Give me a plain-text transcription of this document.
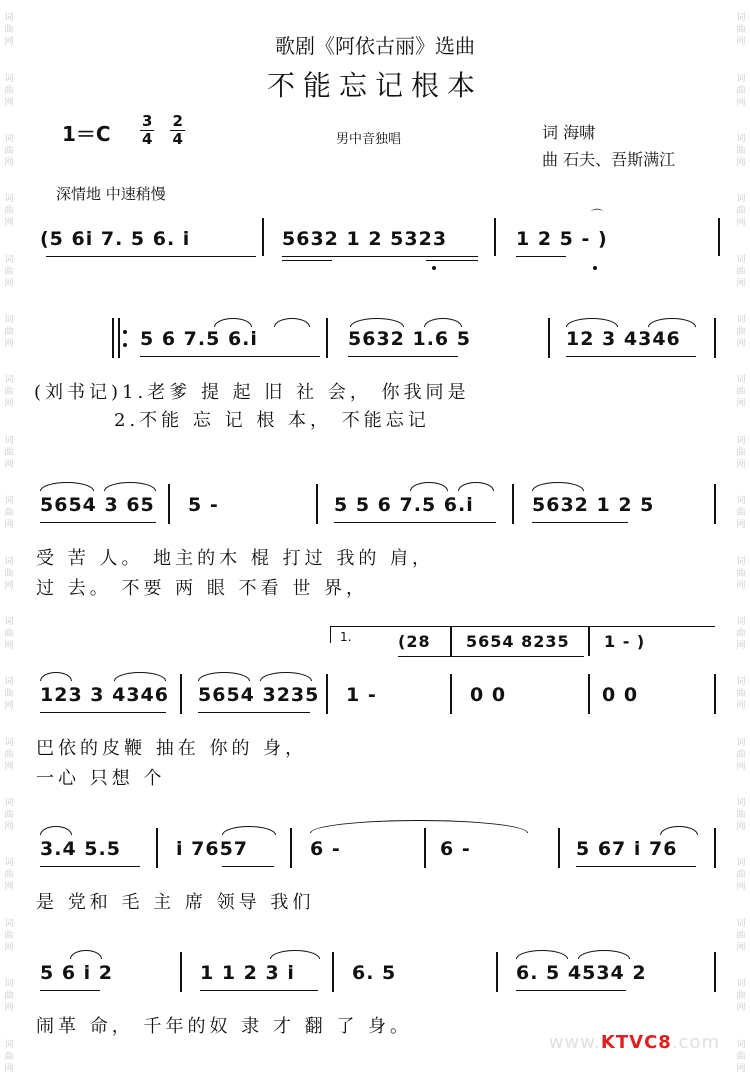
词
曲
网
词
曲
网
词
曲
网
词
曲
网
词
曲
网
词
曲
网
词
曲
网
词
曲
网
词
曲
网
词
曲
网
词
曲
网
词
曲
网
词
曲
网
词
曲
网
词
曲
网
词
曲
网
词
曲
网
词
曲
网
词
曲
网
词
曲
网
词
曲
网
词
曲
网
词
曲
网
词
曲
网
词
曲
网
词
曲
网
词
曲
网
词
曲
网
词
曲
网
词
曲
网
词
曲
网
词
曲
网
词
曲
网
词
曲
网
词
曲
网
词
曲
网
歌剧《阿依古丽》选曲
不能忘记根本
1＝C
3
4
2
4	男中音独唱	词 海啸
曲 石夫、吾斯满江
深情地 中速稍慢
(5 6i 7. 5 6. i	5632 1 2 5323	1 2 5 - )
⌒
5 6 7.5 6.i	5632 1.6 5	12 3 4346
(刘书记)1.老爹 提 起 旧 社 会， 你我同是
2.不能 忘 记 根 本， 不能忘记
5654 3 65 5 -	5 5 6 7.5 6.i	5632 1 2 5
受 苦 人。 地主的木 棍 打过 我的 肩，
过 去。 不要 两 眼 不看 世 界，
1.	(28 5654 8235 1 - )
123 3 4346 5654 3235 1 -	0 0	0 0
巴依的皮鞭 抽在 你的 身，
一心 只想 个
3.4 5.5	i 7657	6 -	6 -	5 67 i 76
是 党和 毛 主 席 领导 我们
5 6 i 2	1 1 2 3 i	6. 5	6. 5 4534 2
闹革 命， 千年的奴 隶 才 翻 了 身。
www.KTVC8.com
